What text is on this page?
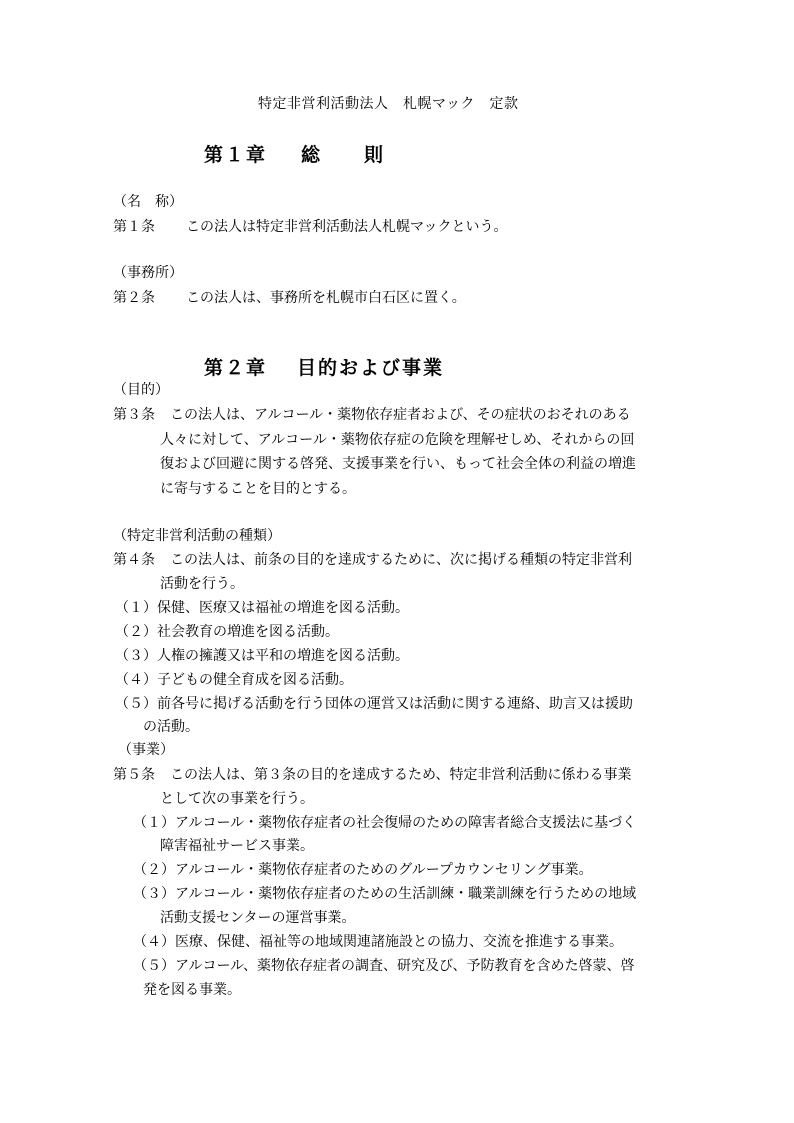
特定非営利活動法人　札幌マック　定款
第１章 総　　則
（名　称）
第１条 この法人は特定非営利活動法人札幌マックという。
（事務所）
第２条 この法人は、事務所を札幌市白石区に置く。
第２章 目的および事業
（目的）
第３条 この法人は、アルコール・薬物依存症者および、その症状のおそれのある
人々に対して、アルコール・薬物依存症の危険を理解せしめ、それからの回
復および回避に関する啓発、支援事業を行い、もって社会全体の利益の増進
に寄与することを目的とする。
（特定非営利活動の種類）
第４条 この法人は、前条の目的を達成するために、次に掲げる種類の特定非営利
活動を行う。
（１）保健、医療又は福祉の増進を図る活動。
（２）社会教育の増進を図る活動。
（３）人権の擁護又は平和の増進を図る活動。
（４）子どもの健全育成を図る活動。
（５）前各号に掲げる活動を行う団体の運営又は活動に関する連絡、助言又は援助
の活動。
（事業）
第５条 この法人は、第３条の目的を達成するため、特定非営利活動に係わる事業
として次の事業を行う。
（１）アルコール・薬物依存症者の社会復帰のための障害者総合支援法に基づく
障害福祉サービス事業。
（２）アルコール・薬物依存症者のためのグループカウンセリング事業。
（３）アルコール・薬物依存症者のための生活訓練・職業訓練を行うための地域
活動支援センターの運営事業。
（４）医療、保健、福祉等の地域関連諸施設との協力、交流を推進する事業。
（５）アルコール、薬物依存症者の調査、研究及び、予防教育を含めた啓蒙、啓
発を図る事業。
